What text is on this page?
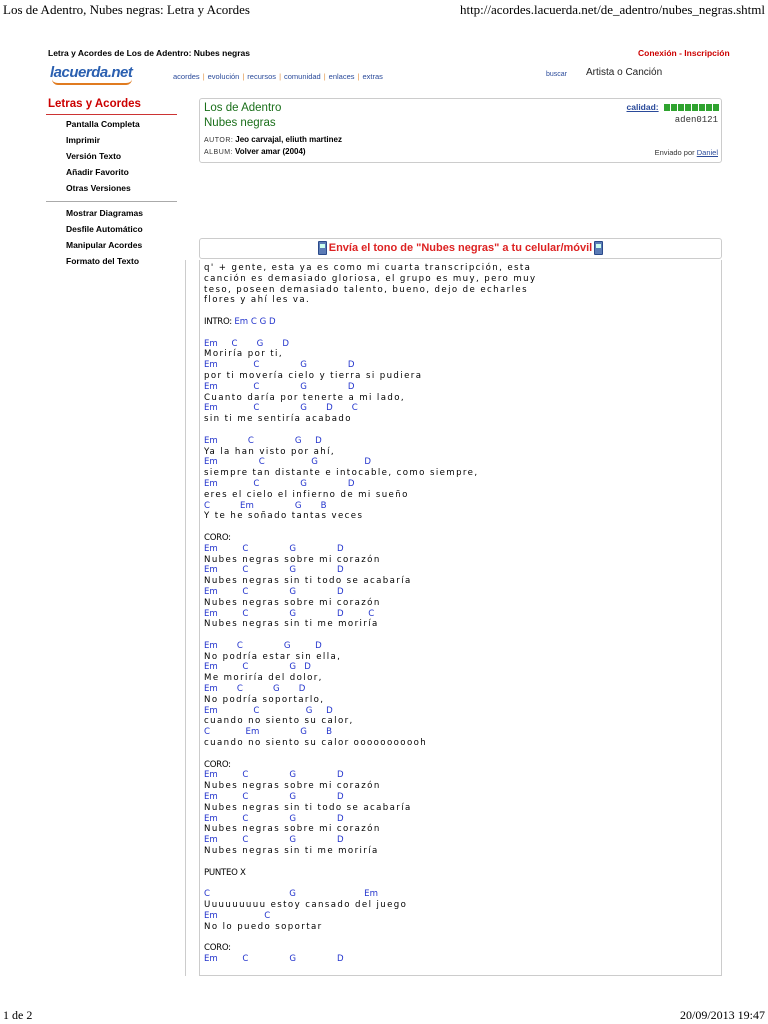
Los de Adentro, Nubes negras: Letra y Acordes	http://acordes.lacuerda.net/de_adentro/nubes_negras.shtml
Letra y Acordes de Los de Adentro: Nubes negras	Conexión - Inscripción
lacuerda.net	acordes | evolución | recursos | comunidad | enlaces | extras	buscar Artista o Canción
Letras y Acordes
Pantalla Completa
Imprimir
Versión Texto
Añadir Favorito
Otras Versiones
Mostrar Diagramas
Desfile Automático
Manipular Acordes
Formato del Texto
Los de Adentro
Nubes negras
AUTOR: Jeo carvajal, eliuth martinez
ALBUM: Volver amar (2004)
calidad:
aden0121
Enviado por Daniel
Envía el tono de "Nubes negras" a tu celular/móvil
q' + gente, esta ya es como mi cuarta transcripción, esta
canción es demasiado gloriosa, el grupo es muy, pero muy
teso, poseen demasiado talento, bueno, dejo de echarles
flores y ahí les va.

INTRO: Em C G D

Em     C       G       D
Moriría por ti,
Em             C               G               D
por ti movería cielo y tierra si pudiera
Em             C               G               D
Cuanto daría por tenerte a mi lado,
Em             C               G       D       C
sin ti me sentiría acabado

Em           C               G     D
Ya la han visto por ahí,
Em               C                 G                 D
siempre tan distante e intocable, como siempre,
Em             C               G               D
eres el cielo el infierno de mi sueño
C           Em               G       B
Y te he soñado tantas veces

CORO:
Em         C               G               D
Nubes negras sobre mi corazón
Em         C               G               D
Nubes negras sin ti todo se acabaría
Em         C               G               D
Nubes negras sobre mi corazón
Em         C               G               D         C
Nubes negras sin ti me moriría

Em       C               G         D
No podría estar sin ella,
Em         C               G   D
Me moriría del dolor,
Em       C           G       D
No podría soportarlo,
Em             C                 G     D
cuando no siento su calor,
C             Em               G       B
cuando no siento su calor ooooooooooh

CORO:
Em         C               G               D
Nubes negras sobre mi corazón
Em         C               G               D
Nubes negras sin ti todo se acabaría
Em         C               G               D
Nubes negras sobre mi corazón
Em         C               G               D
Nubes negras sin ti me moriría

PUNTEO X

C                             G                         Em
Uuuuuuuuu estoy cansado del juego
Em                 C
No lo puedo soportar

CORO:
Em         C               G               D
1 de 2	20/09/2013 19:47
